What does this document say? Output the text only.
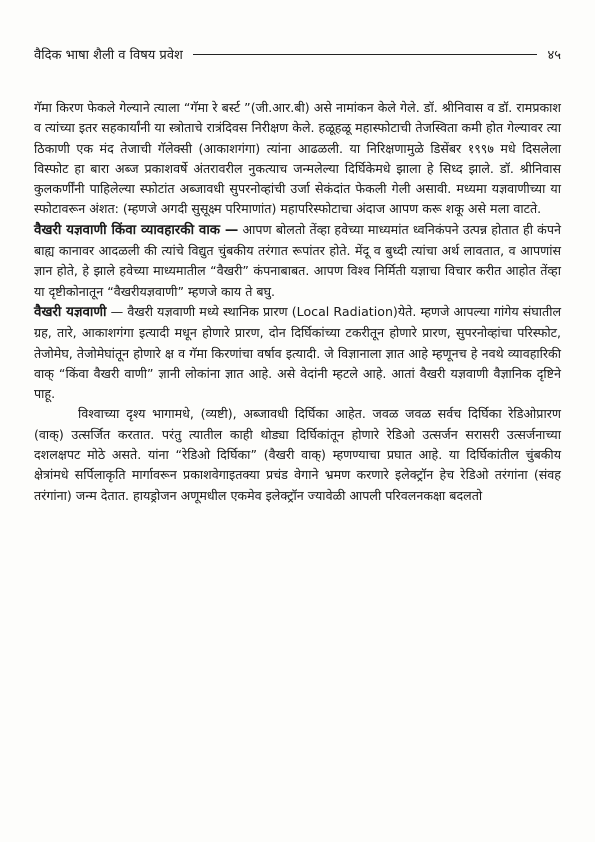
वैदिक भाषा शैली व विषय प्रवेश	४५

गॅमा किरण फेकले गेल्याने त्याला “गॅमा रे बर्स्ट ”(जी.आर.बी) असे नामांकन केले गेले. डॉ. श्रीनिवास व डॉ. रामप्रकाश व त्यांच्या इतर सहकार्यांनी या स्त्रोताचे रात्रंदिवस निरीक्षण केले. हळूहळू महास्फोटाची तेजस्विता कमी होत गेल्यावर त्या ठिकाणी एक मंद तेजाची गॅलेक्सी (आकाशगंगा) त्यांना आढळली. या निरिक्षणामुळे डिसेंबर १९९७ मधे दिसलेला विस्फोट हा बारा अब्ज प्रकाशवर्षे अंतरावरील नुकत्याच जन्मलेल्या दिर्घिकेमधे झाला हे सिध्द झाले. डॉ. श्रीनिवास कुलकर्णींनी पाहिलेल्या स्फोटांत अब्जावधी सुपरनोव्हांची उर्जा सेकंदांत फेकली गेली असावी. मध्यमा यज्ञवाणीच्या या स्फोटावरून अंशत: (म्हणजे अगदी सुसूक्ष्म परिमाणांत) महापरिस्फोटाचा अंदाज आपण करू शकू असे मला वाटते.

वैखरी यज्ञवाणी किंवा व्यावहारकी वाक — आपण बोलतो तेंव्हा हवेच्या माध्यमांत ध्वनिकंपने उत्पन्न होतात ही कंपने बाह्य कानावर आदळली की त्यांचे विद्युत चुंबकीय तरंगात रूपांतर होते. मेंदू व बुध्दी त्यांचा अर्थ लावतात, व आपणांस ज्ञान होते, हे झाले हवेच्या माध्यमातील “वैखरी” कंपनाबाबत. आपण विश्व निर्मिती यज्ञाचा विचार करीत आहोत तेंव्हा या दृष्टीकोनातून “वैखरीयज्ञवाणी” म्हणजे काय ते बघु.

वैखरी यज्ञवाणी — वैखरी यज्ञवाणी मध्ये स्थानिक प्रारण (Local Radiation)येते. म्हणजे आपल्या गांगेय संघातील ग्रह, तारे, आकाशगंगा इत्यादी मधून होणारे प्रारण, दोन दिर्घिकांच्या टकरीतून होणारे प्रारण, सुपरनोव्हांचा परिस्फोट, तेजोमेघ, तेजोमेघांतून होणारे क्ष व गॅमा किरणांचा वर्षाव इत्यादी. जे विज्ञानाला ज्ञात आहे म्हणूनच हे नवथे व्यावहारिकी वाक् “किंवा वैखरी वाणी” ज्ञानी लोकांना ज्ञात आहे. असे वेदांनी म्हटले आहे. आतां वैखरी यज्ञवाणी वैज्ञानिक दृष्टिने पाहू.

विश्वाच्या दृश्य भागामधे, (व्यष्टी), अब्जावधी दिर्घिका आहेत. जवळ जवळ सर्वच दिर्घिका रेडिओप्रारण (वाक्) उत्सर्जित करतात. परंतु त्यातील काही थोड्या दिर्घिकांतून होणारे रेडिओ उत्सर्जन सरासरी उत्सर्जनाच्या दशलक्षपट मोठे असते. यांना “रेडिओ दिर्घिका” (वैखरी वाक्) म्हणण्याचा प्रघात आहे. या दिर्घिकांतील चुंबकीय क्षेत्रांमधे सर्पिलाकृति मार्गावरून प्रकाशवेगाइतक्या प्रचंड वेगाने भ्रमण करणारे इलेक्ट्रॉन हेच रेडिओ तरंगांना (संवह तरंगांना) जन्म देतात. हायड्रोजन अणूमधील एकमेव इलेक्ट्रॉन ज्यावेळी आपली परिवलनकक्षा बदलतो
